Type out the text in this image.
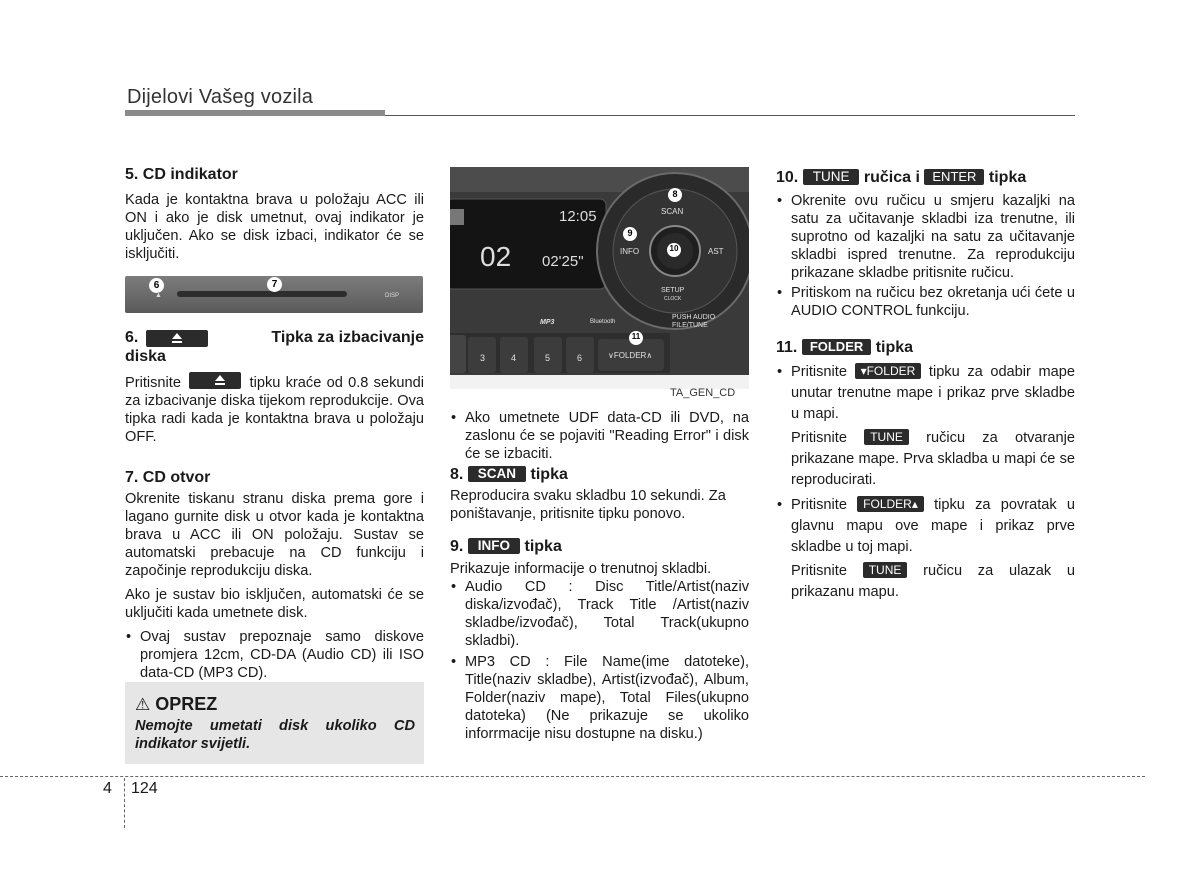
Dijelovi Vašeg vozila

5. CD indikator

Kada je kontaktna brava u položaju ACC ili ON i ako je disk umetnut, ovaj indikator je uključen. Ako se disk izbaci, indikator će se isključiti.

6	7
DISP
▲

6.	Tipka za izbacivanje

diska

Pritisnite	tipku kraće od 0.8 sekundi za izbacivanje diska tijekom reprodukcije. Ova tipka radi kada je kontaktna brava u položaju OFF.

7. CD otvor

Okrenite tiskanu stranu diska prema gore i lagano gurnite disk u otvor kada je kontaktna brava u ACC ili ON položaju. Sustav se automatski prebacuje na CD funkciju i započinje reprodukciju diska.

Ako je sustav bio isključen, automatski će se uključiti kada umetnete disk.

• Ovaj sustav prepoznaje samo diskove promjera 12cm, CD-DA (Audio CD) ili ISO data-CD (MP3 CD).
⚠ OPREZ
Nemojte umetati disk ukoliko CD indikator svijetli.
12:05
02 02'25"
SCAN
INFO	AST
SETUP
CLOCK
PUSH AUDIO
FILE/TUNE
MP3	Bluetooth
3	4	5	6	∨FOLDER∧
8
9
10
11
TA_GEN_CD
• Ako umetnete UDF data-CD ili DVD, na zaslonu će se pojaviti "Reading Error" i disk će se izbaciti.

8. SCAN tipka

Reproducira svaku skladbu 10 sekundi. Za poništavanje, pritisnite tipku ponovo.

9. INFO tipka

Prikazuje informacije o trenutnoj skladbi.

• Audio CD : Disc Title/Artist(naziv diska/izvođač), Track Title /Artist(naziv skladbe/izvođač), Total Track(ukupno skladbi).
• MP3 CD : File Name(ime datoteke), Title(naziv skladbe), Artist(izvođač), Album, Folder(naziv mape), Total Files(ukupno datoteka) (Ne prikazuje se ukoliko inforrmacije nisu dostupne na disku.)

10. TUNE ručica i ENTER tipka

• Okrenite ovu ručicu u smjeru kazaljki na satu za učitavanje skladbi iza trenutne, ili suprotno od kazaljki na satu za učitavanje skladbi ispred trenutne. Za reprodukciju prikazane skladbe pritisnite ručicu.
• Pritiskom na ručicu bez okretanja ući ćete u AUDIO CONTROL funkciju.

11. FOLDER tipka

• Pritisnite ▾FOLDER tipku za odabir mape unutar trenutne mape i prikaz prve skladbe u mapi.

Pritisnite TUNE ručicu za otvaranje prikazane mape. Prva skladba u mapi će se reproducirati.

• Pritisnite FOLDER▴ tipku za povratak u glavnu mapu ove mape i prikaz prve skladbe u toj mapi.

Pritisnite TUNE ručicu za ulazak u prikazanu mapu.

4 124
